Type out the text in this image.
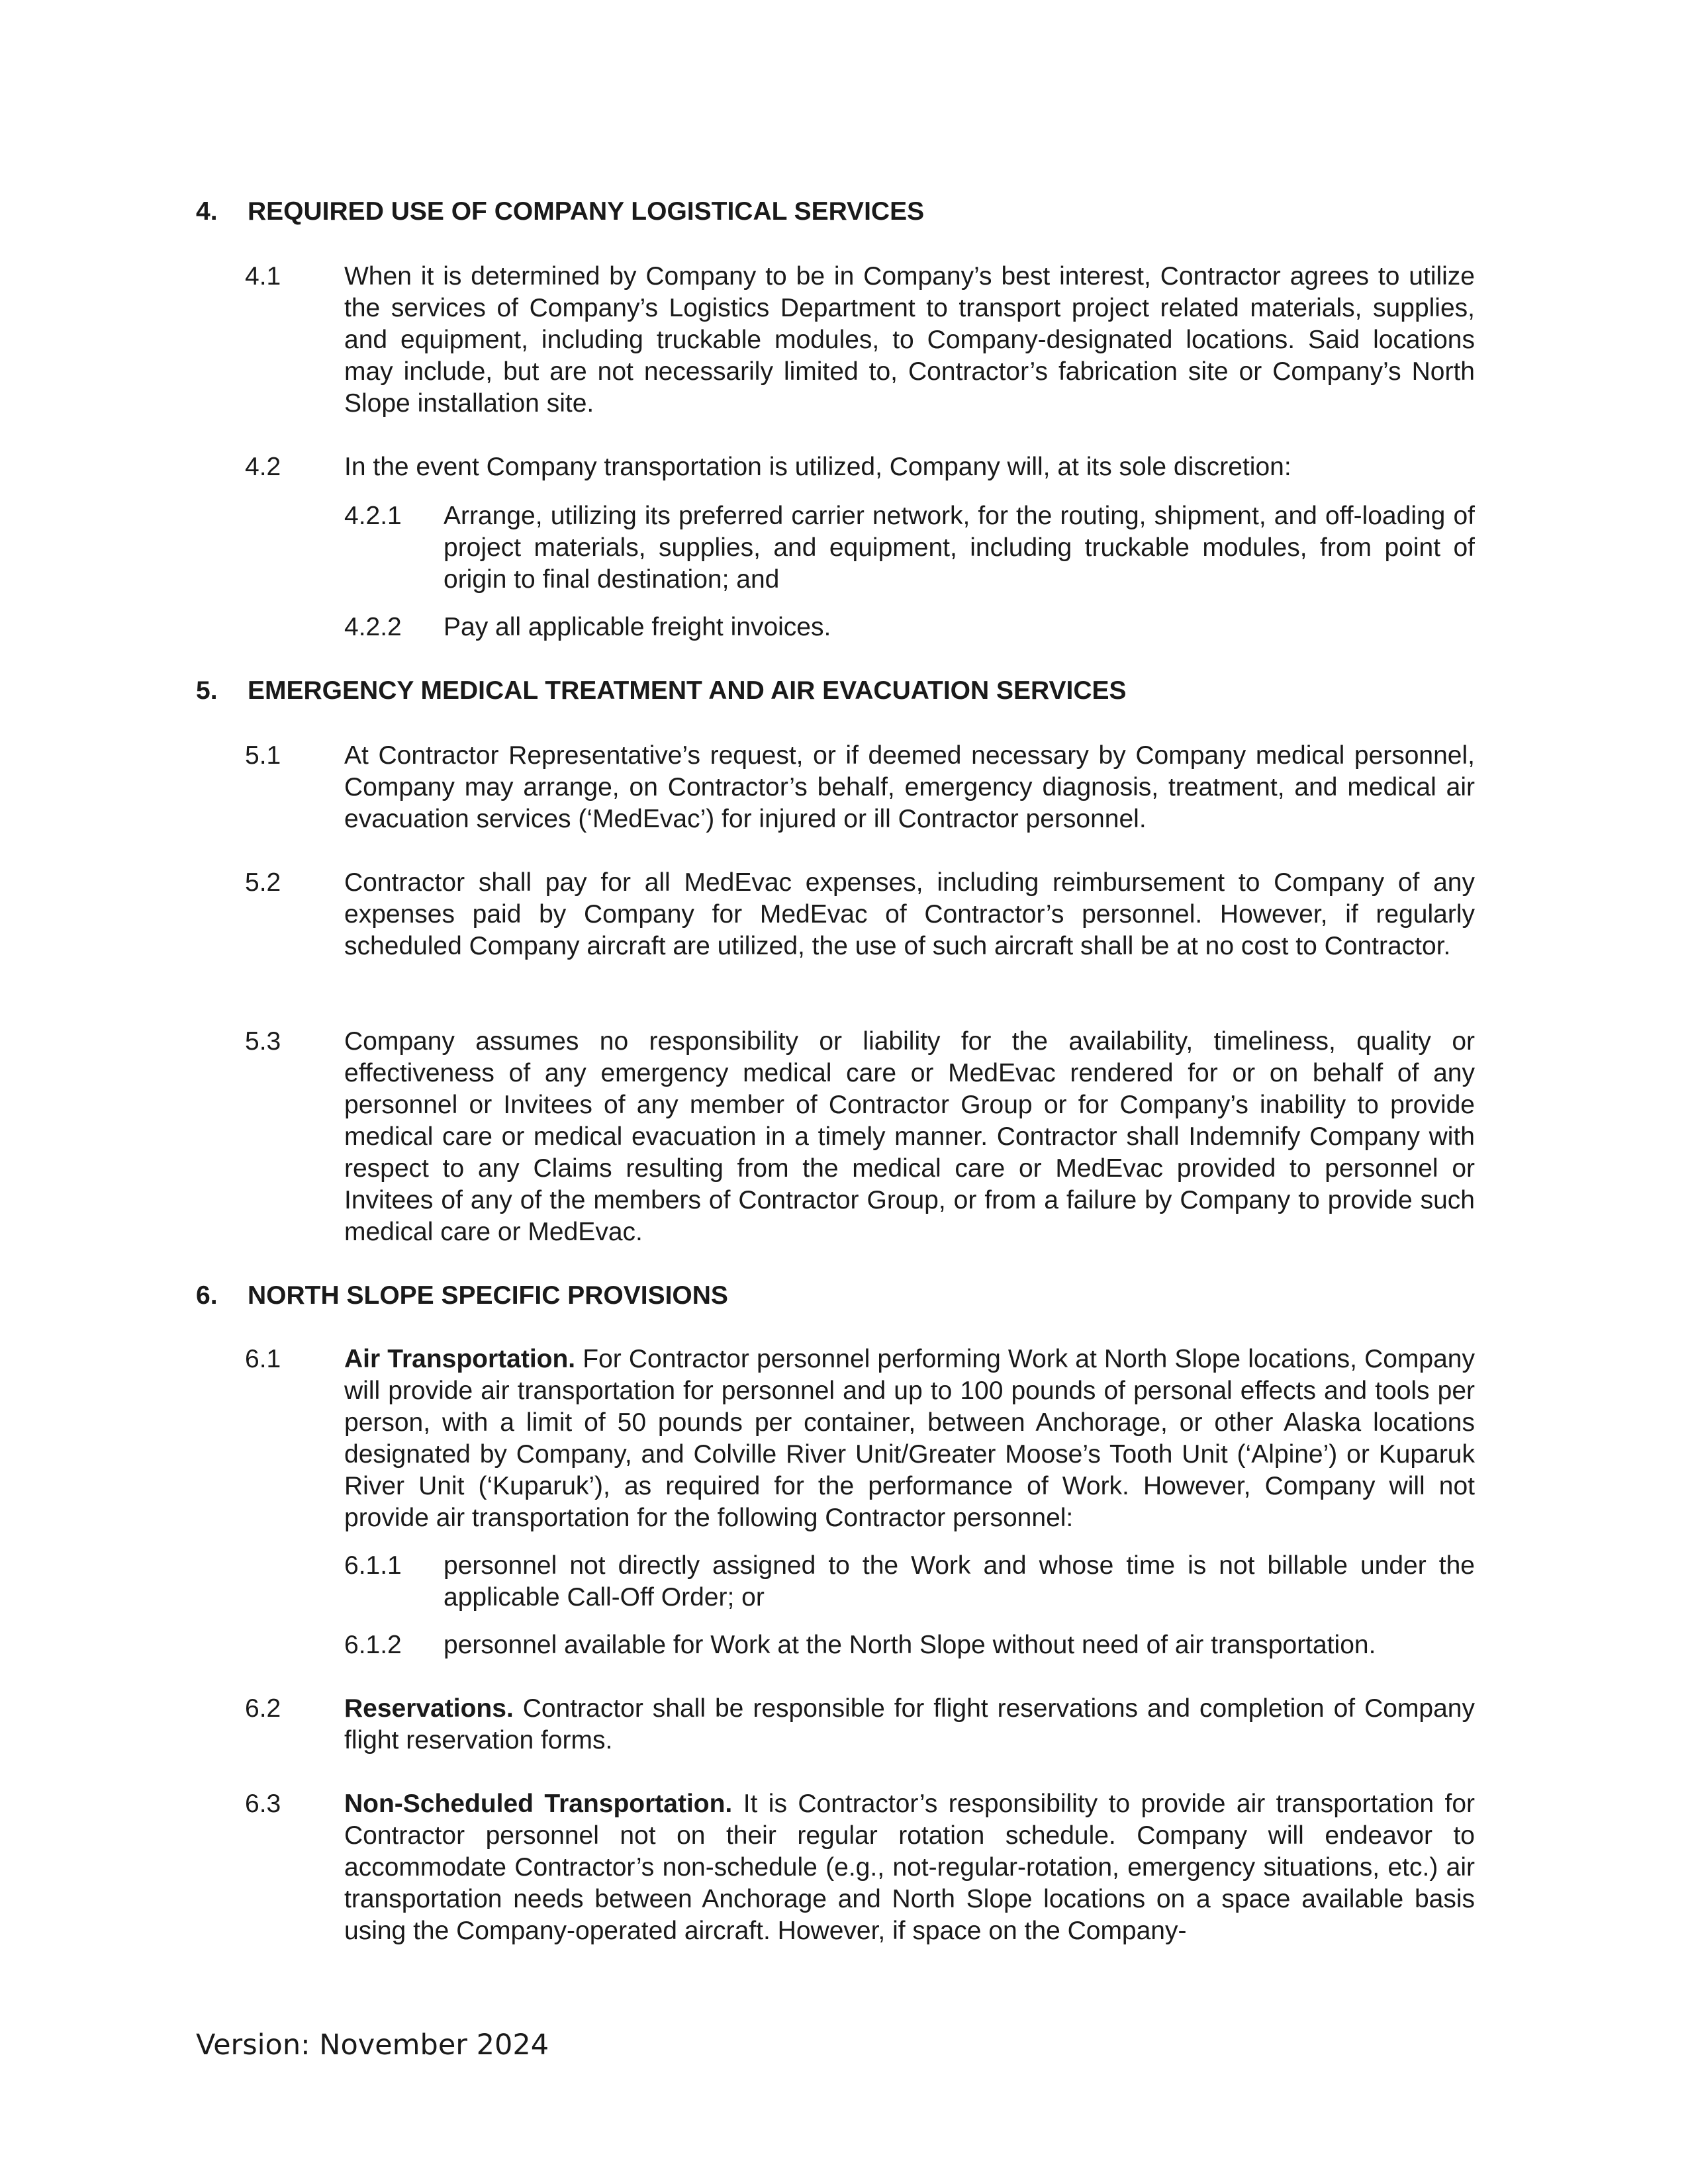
4. REQUIRED USE OF COMPANY LOGISTICAL SERVICES
4.1 When it is determined by Company to be in Company’s best interest, Contractor agrees to utilize the services of Company’s Logistics Department to transport project related materials, supplies, and equipment, including truckable modules, to Company-designated locations. Said locations may include, but are not necessarily limited to, Contractor’s fabrication site or Company’s North Slope installation site.
4.2 In the event Company transportation is utilized, Company will, at its sole discretion:
4.2.1 Arrange, utilizing its preferred carrier network, for the routing, shipment, and off-loading of project materials, supplies, and equipment, including truckable modules, from point of origin to final destination; and
4.2.2 Pay all applicable freight invoices.
5. EMERGENCY MEDICAL TREATMENT AND AIR EVACUATION SERVICES
5.1 At Contractor Representative’s request, or if deemed necessary by Company medical personnel, Company may arrange, on Contractor’s behalf, emergency diagnosis, treatment, and medical air evacuation services (‘MedEvac’) for injured or ill Contractor personnel.
5.2 Contractor shall pay for all MedEvac expenses, including reimbursement to Company of any expenses paid by Company for MedEvac of Contractor’s personnel. However, if regularly scheduled Company aircraft are utilized, the use of such aircraft shall be at no cost to Contractor.
5.3 Company assumes no responsibility or liability for the availability, timeliness, quality or effectiveness of any emergency medical care or MedEvac rendered for or on behalf of any personnel or Invitees of any member of Contractor Group or for Company’s inability to provide medical care or medical evacuation in a timely manner. Contractor shall Indemnify Company with respect to any Claims resulting from the medical care or MedEvac provided to personnel or Invitees of any of the members of Contractor Group, or from a failure by Company to provide such medical care or MedEvac.
6. NORTH SLOPE SPECIFIC PROVISIONS
6.1 Air Transportation. For Contractor personnel performing Work at North Slope locations, Company will provide air transportation for personnel and up to 100 pounds of personal effects and tools per person, with a limit of 50 pounds per container, between Anchorage, or other Alaska locations designated by Company, and Colville River Unit/Greater Moose’s Tooth Unit (‘Alpine’) or Kuparuk River Unit (‘Kuparuk’), as required for the performance of Work. However, Company will not provide air transportation for the following Contractor personnel:
6.1.1 personnel not directly assigned to the Work and whose time is not billable under the applicable Call-Off Order; or
6.1.2 personnel available for Work at the North Slope without need of air transportation.
6.2 Reservations. Contractor shall be responsible for flight reservations and completion of Company flight reservation forms.
6.3 Non-Scheduled Transportation. It is Contractor’s responsibility to provide air transportation for Contractor personnel not on their regular rotation schedule. Company will endeavor to accommodate Contractor’s non-schedule (e.g., not-regular-rotation, emergency situations, etc.) air transportation needs between Anchorage and North Slope locations on a space available basis using the Company-operated aircraft. However, if space on the Company-
Version: November 2024
